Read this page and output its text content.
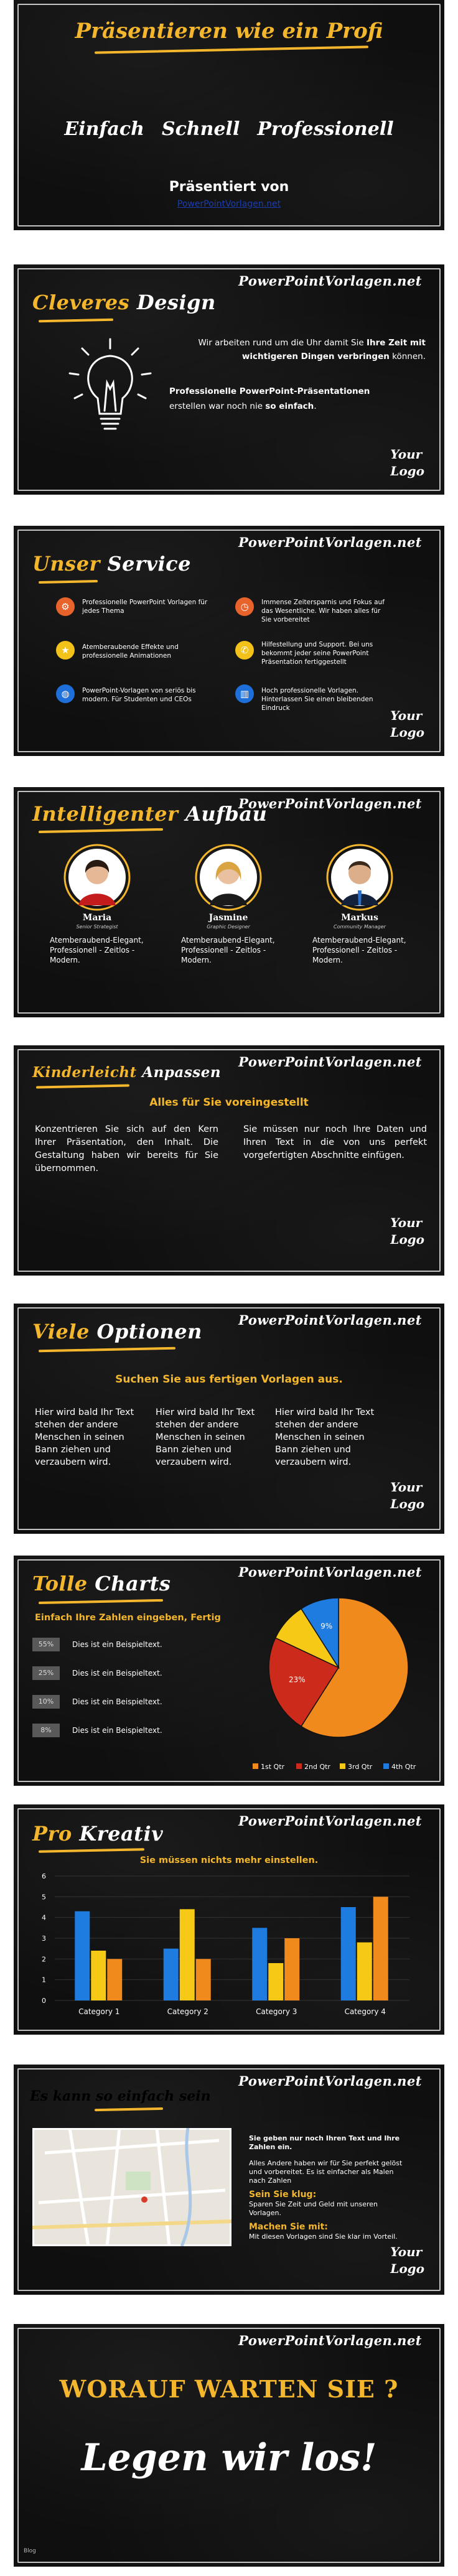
Präsentieren wie ein Profi
Einfach Schnell Professionell
Präsentiert von
PowerPointVorlagen.net
PowerPointVorlagen.net
Cleveres Design
Wir arbeiten rund um die Uhr damit Sie Ihre Zeit mit wichtigeren Dingen verbringen können.
Professionelle PowerPoint-Präsentationen
erstellen war noch nie so einfach.
Your
Logo
PowerPointVorlagen.net
Unser Service
⚙	Professionelle PowerPoint Vorlagen für jedes Thema	◷	Immense Zeitersparnis und Fokus auf das Wesentliche. Wir haben alles für Sie vorbereitet
★	Atemberaubende Effekte und professionelle Animationen	✆	Hilfestellung und Support. Bei uns bekommt jeder seine PowerPoint Präsentation fertiggestellt
◍	PowerPoint-Vorlagen von seriös bis modern. Für Studenten und CEOs	▥	Hoch professionelle Vorlagen. Hinterlassen Sie einen bleibenden Eindruck	Your
Logo
PowerPointVorlagen.net
Intelligenter Aufbau
Maria
Senior Strategist
Atemberaubend-Elegant, Professionell - Zeitlos - Modern.
Jasmine
Graphic Designer
Atemberaubend-Elegant, Professionell - Zeitlos - Modern.
Markus
Community Manager
Atemberaubend-Elegant, Professionell - Zeitlos - Modern.
PowerPointVorlagen.net
Kinderleicht Anpassen
Alles für Sie voreingestellt
Konzentrieren Sie sich auf den Kern Ihrer Präsentation, den Inhalt. Die Gestaltung haben wir bereits für Sie übernommen.
Sie müssen nur noch Ihre Daten und Ihren Text in die von uns perfekt vorgefertigten Abschnitte einfügen.
Your
Logo
PowerPointVorlagen.net
Viele Optionen
Suchen Sie aus fertigen Vorlagen aus.
Hier wird bald Ihr Text stehen der andere Menschen in seinen Bann ziehen und verzaubern wird.
Hier wird bald Ihr Text stehen der andere Menschen in seinen Bann ziehen und verzaubern wird.
Hier wird bald Ihr Text stehen der andere Menschen in seinen Bann ziehen und verzaubern wird.
Your
Logo
PowerPointVorlagen.net
Tolle Charts
Einfach Ihre Zahlen eingeben, Fertig
55%	Dies ist ein Beispieltext.
25%	Dies ist ein Beispieltext.
10%	Dies ist ein Beispieltext.
8%	Dies ist ein Beispieltext.
23%
9%
1st Qtr	2nd Qtr	3rd Qtr	4th Qtr
PowerPointVorlagen.net
Pro Kreativ
Sie müssen nichts mehr einstellen.
0
1
2
3
4
5
6
Category 1	Category 2	Category 3	Category 4
PowerPointVorlagen.net
Es kann so einfach sein
Sie geben nur noch Ihren Text und Ihre Zahlen ein.
Alles Andere haben wir für Sie perfekt gelöst und vorbereitet. Es ist einfacher als Malen nach Zahlen
Sein Sie klug:
Sparen Sie Zeit und Geld mit unseren Vorlagen.
Machen Sie mit:
Mit diesen Vorlagen sind Sie klar im Vorteil.
Your
Logo
PowerPointVorlagen.net
WORAUF WARTEN SIE ?
Legen wir los!
Blog
